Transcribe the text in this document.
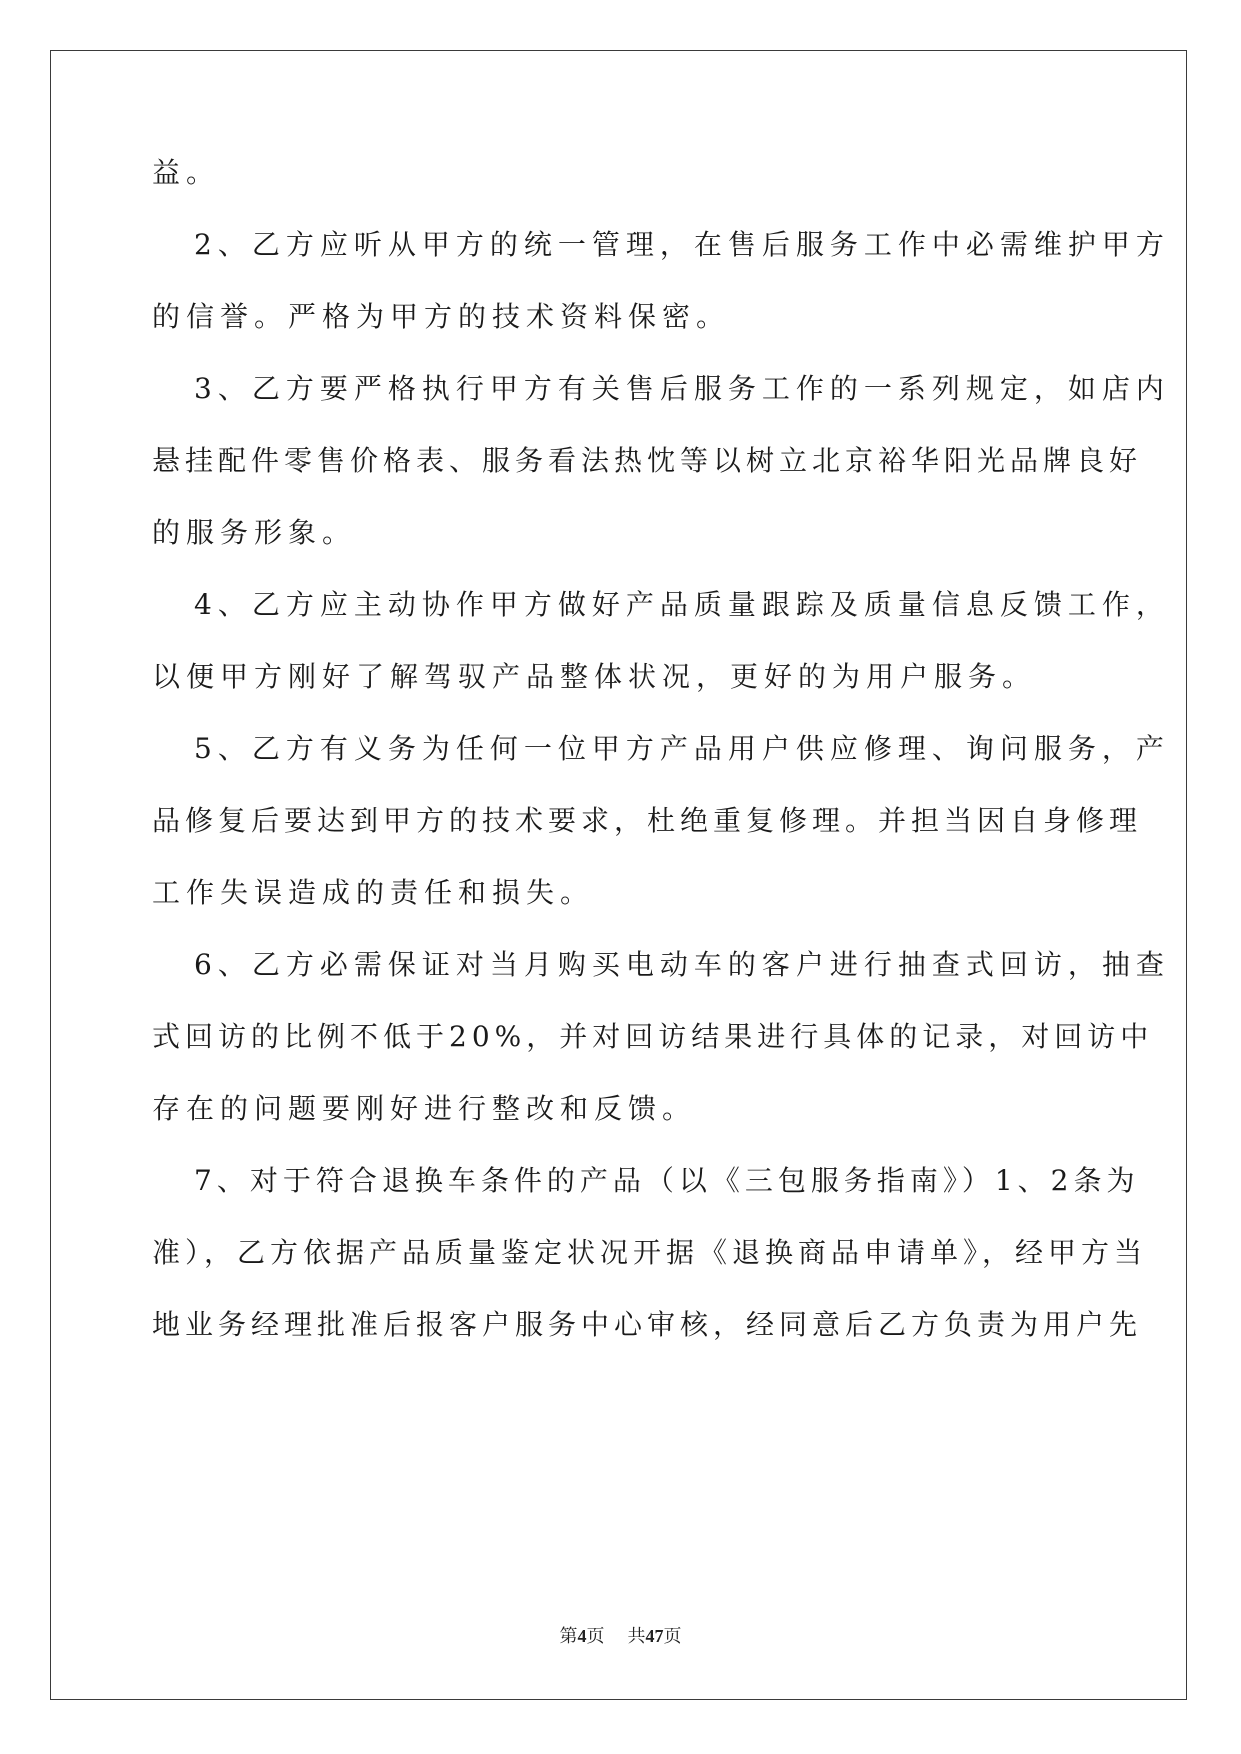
益。
2、乙方应听从甲方的统一管理，在售后服务工作中必需维护甲方
的信誉。严格为甲方的技术资料保密。
3、乙方要严格执行甲方有关售后服务工作的一系列规定，如店内
悬挂配件零售价格表、服务看法热忱等以树立北京裕华阳光品牌良好
的服务形象。
4、乙方应主动协作甲方做好产品质量跟踪及质量信息反馈工作，
以便甲方刚好了解驾驭产品整体状况，更好的为用户服务。
5、乙方有义务为任何一位甲方产品用户供应修理、询问服务，产
品修复后要达到甲方的技术要求，杜绝重复修理。并担当因自身修理
工作失误造成的责任和损失。
6、乙方必需保证对当月购买电动车的客户进行抽查式回访，抽查
式回访的比例不低于20%，并对回访结果进行具体的记录，对回访中
存在的问题要刚好进行整改和反馈。
7、对于符合退换车条件的产品（以《三包服务指南》）1、2条为
准），乙方依据产品质量鉴定状况开据《退换商品申请单》，经甲方当
地业务经理批准后报客户服务中心审核，经同意后乙方负责为用户先
第4页 共47页
